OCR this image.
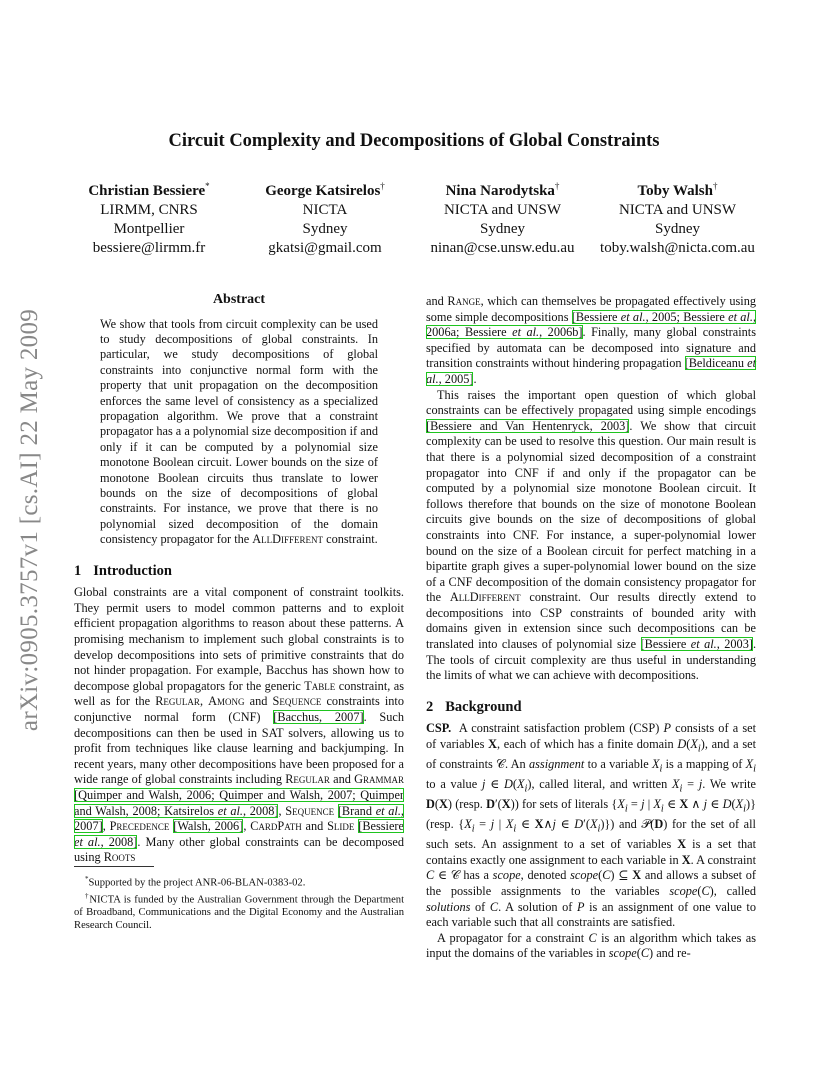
arXiv:0905.3757v1 [cs.AI] 22 May 2009
Circuit Complexity and Decompositions of Global Constraints
Christian Bessiere*
LIRMM, CNRS
Montpellier
bessiere@lirmm.fr
George Katsirelos†
NICTA
Sydney
gkatsi@gmail.com
Nina Narodytska†
NICTA and UNSW
Sydney
ninan@cse.unsw.edu.au
Toby Walsh†
NICTA and UNSW
Sydney
toby.walsh@nicta.com.au
Abstract
We show that tools from circuit complexity can be used to study decompositions of global constraints. In particular, we study decompositions of global constraints into conjunctive normal form with the property that unit propagation on the decomposition enforces the same level of consistency as a specialized propagation algorithm. We prove that a constraint propagator has a a polynomial size decomposition if and only if it can be computed by a polynomial size monotone Boolean circuit. Lower bounds on the size of monotone Boolean circuits thus translate to lower bounds on the size of decompositions of global constraints. For instance, we prove that there is no polynomial sized decomposition of the domain consistency propagator for the AllDifferent constraint.
1 Introduction

Global constraints are a vital component of constraint toolkits. They permit users to model common patterns and to exploit efficient propagation algorithms to reason about these patterns. A promising mechanism to implement such global constraints is to develop decompositions into sets of primitive constraints that do not hinder propagation. For example, Bacchus has shown how to decompose global propagators for the generic Table constraint, as well as for the Regular, Among and Sequence constraints into conjunctive normal form (CNF) [Bacchus, 2007]. Such decompositions can then be used in SAT solvers, allowing us to profit from techniques like clause learning and backjumping. In recent years, many other decompositions have been proposed for a wide range of global constraints including Regular and Grammar [Quimper and Walsh, 2006; Quimper and Walsh, 2007; Quimper and Walsh, 2008; Katsirelos et al., 2008], Sequence [Brand et al., 2007], Precedence [Walsh, 2006], CardPath and Slide [Bessiere et al., 2008]. Many other global constraints can be decomposed using Roots

*Supported by the project ANR-06-BLAN-0383-02.
†NICTA is funded by the Australian Government through the Department of Broadband, Communications and the Digital Economy and the Australian Research Council.

and Range, which can themselves be propagated effectively using some simple decompositions [Bessiere et al., 2005; Bessiere et al., 2006a; Bessiere et al., 2006b]. Finally, many global constraints specified by automata can be decomposed into signature and transition constraints without hindering propagation [Beldiceanu et al., 2005].

This raises the important open question of which global constraints can be effectively propagated using simple encodings [Bessiere and Van Hentenryck, 2003]. We show that circuit complexity can be used to resolve this question. Our main result is that there is a polynomial sized decomposition of a constraint propagator into CNF if and only if the propagator can be computed by a polynomial size monotone Boolean circuit. It follows therefore that bounds on the size of monotone Boolean circuits give bounds on the size of decompositions of global constraints into CNF. For instance, a super-polynomial lower bound on the size of a Boolean circuit for perfect matching in a bipartite graph gives a super-polynomial lower bound on the size of a CNF decomposition of the domain consistency propagator for the AllDifferent constraint. Our results directly extend to decompositions into CSP constraints of bounded arity with domains given in extension since such decompositions can be translated into clauses of polynomial size [Bessiere et al., 2003]. The tools of circuit complexity are thus useful in understanding the limits of what we can achieve with decompositions.

2 Background

CSP.  A constraint satisfaction problem (CSP) P consists of a set of variables X, each of which has a finite domain $D(X_i)$, and a set of constraints 𝒞. An assignment to a variable $X_i$ is a mapping of $X_i$ to a value j ∈ $D(X_i)$, called literal, and written $X_i = j$. We write D(X) (resp. D′(X)) for sets of literals {$X_i = j$ | $X_i$ ∈ X ∧ j ∈ $D(X_i)$} (resp. {$X_i = j$ | $X_i$ ∈ X∧j ∈ $D'(X_i)$}) and 𝒫(D) for the set of all such sets. An assignment to a set of variables X is a set that contains exactly one assignment to each variable in X. A constraint C ∈ 𝒞 has a scope, denoted scope(C) ⊆ X and allows a subset of the possible assignments to the variables scope(C), called solutions of C. A solution of P is an assignment of one value to each variable such that all constraints are satisfied.

A propagator for a constraint C is an algorithm which takes as input the domains of the variables in scope(C) and re-
